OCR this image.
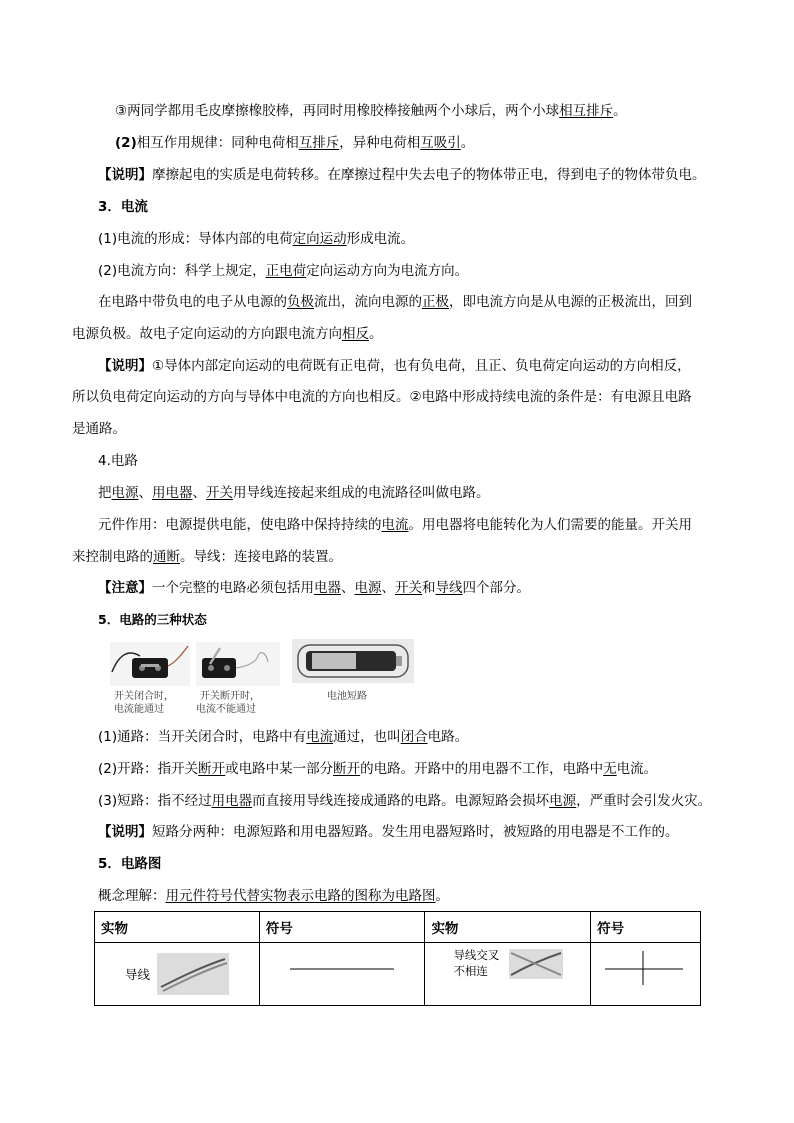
③两同学都用毛皮摩擦橡胶棒，再同时用橡胶棒接触两个小球后，两个小球相互排斥。
(2)相互作用规律：同种电荷相互排斥，异种电荷相互吸引。
【说明】摩擦起电的实质是电荷转移。在摩擦过程中失去电子的物体带正电，得到电子的物体带负电。
3．电流
(1)电流的形成：导体内部的电荷定向运动形成电流。
(2)电流方向：科学上规定，正电荷定向运动方向为电流方向。
在电路中带负电的电子从电源的负极流出，流向电源的正极，即电流方向是从电源的正极流出，回到
电源负极。故电子定向运动的方向跟电流方向相反。
【说明】①导体内部定向运动的电荷既有正电荷，也有负电荷，且正、负电荷定向运动的方向相反，
所以负电荷定向运动的方向与导体中电流的方向也相反。②电路中形成持续电流的条件是：有电源且电路
是通路。
4.电路
把电源、用电器、开关用导线连接起来组成的电流路径叫做电路。
元件作用：电源提供电能，使电路中保持持续的电流。用电器将电能转化为人们需要的能量。开关用
来控制电路的通断。导线：连接电路的装置。
【注意】一个完整的电路必须包括用电器、电源、开关和导线四个部分。
5．电路的三种状态
开关闭合时，
电流能通过
开关断开时，
电流不能通过
电池短路
(1)通路：当开关闭合时，电路中有电流通过，也叫闭合电路。
(2)开路：指开关断开或电路中某一部分断开的电路。开路中的用电器不工作，电路中无电流。
(3)短路：指不经过用电器而直接用导线连接成通路的电路。电源短路会损坏电源，严重时会引发火灾。
【说明】短路分两种：电源短路和用电器短路。发生用电器短路时，被短路的用电器是不工作的。
5．电路图
概念理解：用元件符号代替实物表示电路的图称为电路图。
实物	符号	实物	符号

导线		导线交叉
不相连
